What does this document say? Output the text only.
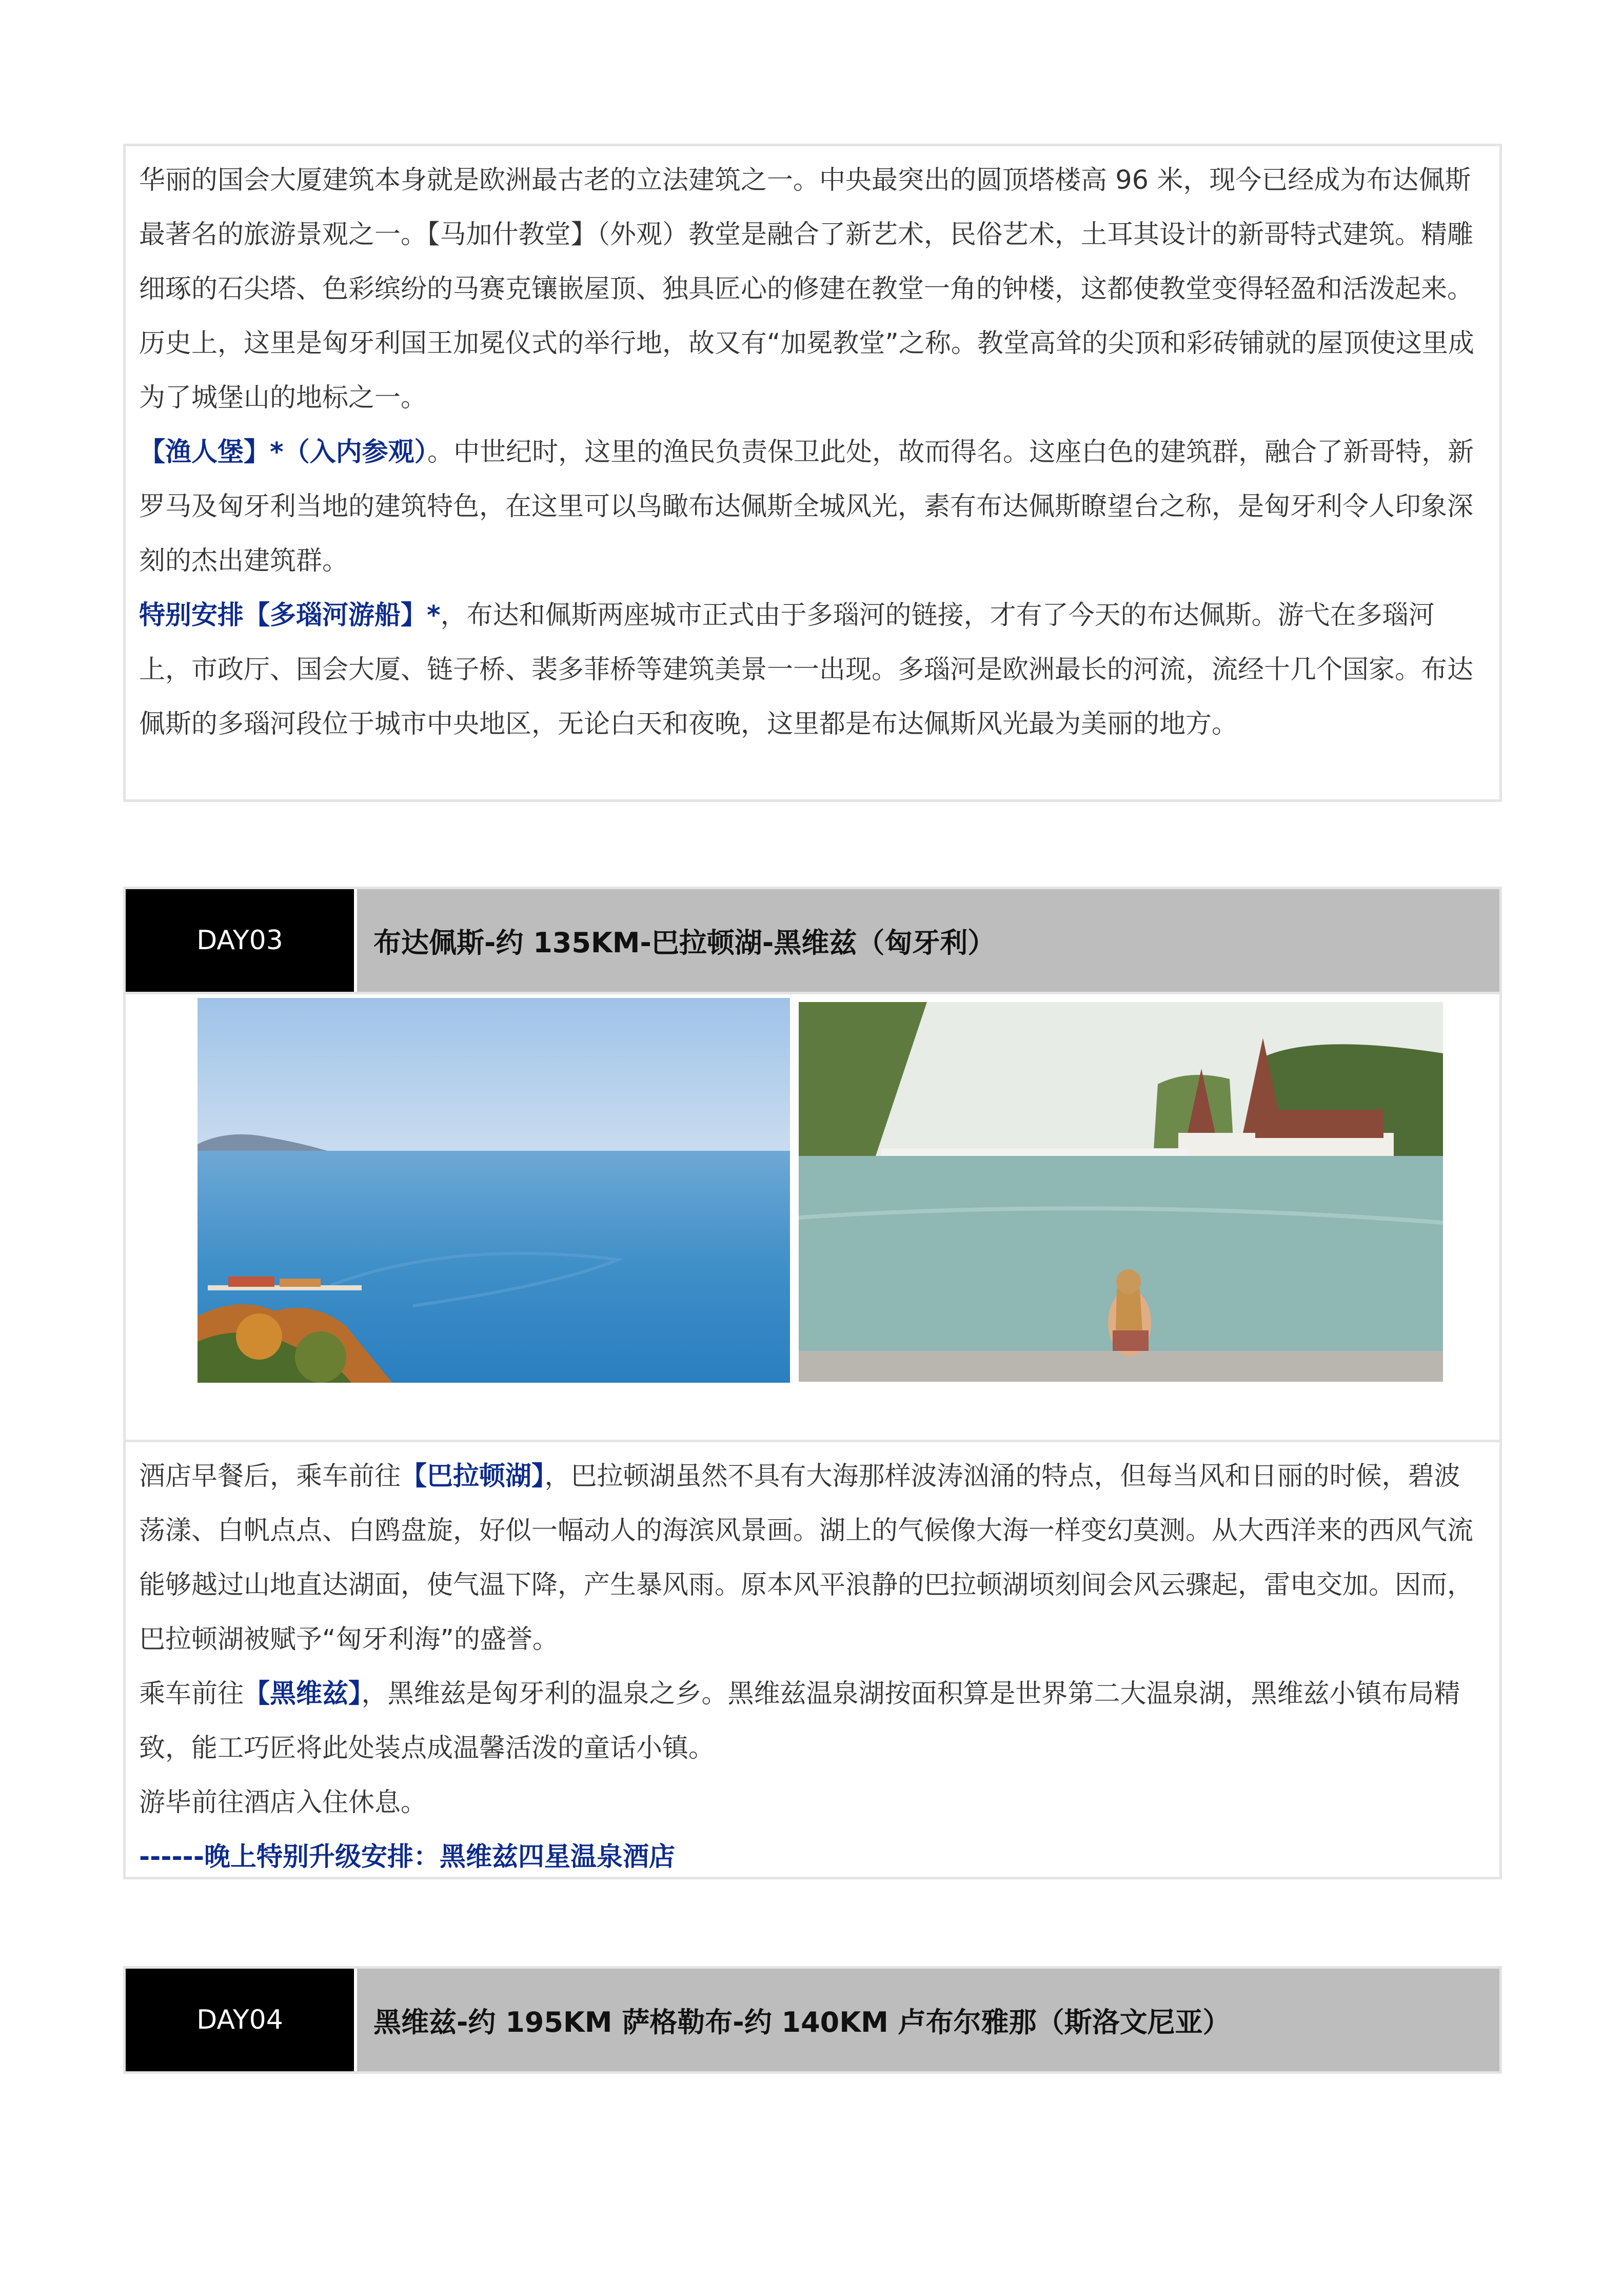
华丽的国会大厦建筑本身就是欧洲最古老的立法建筑之一。中央最突出的圆顶塔楼高 96 米，现今已经成为布达佩斯最著名的旅游景观之一。【马加什教堂】（外观）教堂是融合了新艺术，民俗艺术，土耳其设计的新哥特式建筑。精雕细琢的石尖塔、色彩缤纷的马赛克镶嵌屋顶、独具匠心的修建在教堂一角的钟楼，这都使教堂变得轻盈和活泼起来。历史上，这里是匈牙利国王加冕仪式的举行地，故又有“加冕教堂”之称。教堂高耸的尖顶和彩砖铺就的屋顶使这里成为了城堡山的地标之一。

【渔人堡】*（入内参观）。中世纪时，这里的渔民负责保卫此处，故而得名。这座白色的建筑群，融合了新哥特，新罗马及匈牙利当地的建筑特色，在这里可以鸟瞰布达佩斯全城风光，素有布达佩斯瞭望台之称，是匈牙利令人印象深刻的杰出建筑群。

特别安排【多瑙河游船】*，布达和佩斯两座城市正式由于多瑙河的链接，才有了今天的布达佩斯。游弋在多瑙河上，市政厅、国会大厦、链子桥、裴多菲桥等建筑美景一一出现。多瑙河是欧洲最长的河流，流经十几个国家。布达佩斯的多瑙河段位于城市中央地区，无论白天和夜晚，这里都是布达佩斯风光最为美丽的地方。

DAY03	布达佩斯-约 135KM-巴拉顿湖-黑维兹（匈牙利）

酒店早餐后，乘车前往【巴拉顿湖】，巴拉顿湖虽然不具有大海那样波涛汹涌的特点，但每当风和日丽的时候，碧波荡漾、白帆点点、白鸥盘旋，好似一幅动人的海滨风景画。湖上的气候像大海一样变幻莫测。从大西洋来的西风气流能够越过山地直达湖面，使气温下降，产生暴风雨。原本风平浪静的巴拉顿湖顷刻间会风云骤起，雷电交加。因而，巴拉顿湖被赋予“匈牙利海”的盛誉。

乘车前往【黑维兹】，黑维兹是匈牙利的温泉之乡。黑维兹温泉湖按面积算是世界第二大温泉湖，黑维兹小镇布局精致，能工巧匠将此处装点成温馨活泼的童话小镇。

游毕前往酒店入住休息。

------晚上特别升级安排：黑维兹四星温泉酒店

DAY04	黑维兹-约 195KM 萨格勒布-约 140KM 卢布尔雅那（斯洛文尼亚）
